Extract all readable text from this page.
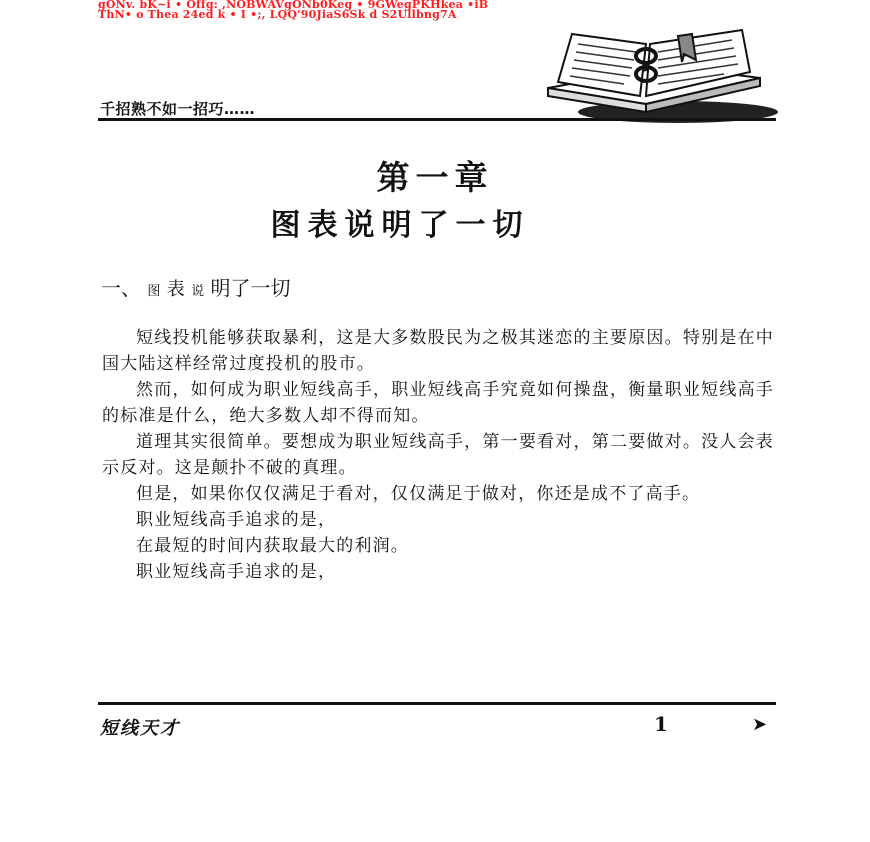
gONv. bK~i • Offg: ,NOBWAVgONb0Keg • 9GWegPKHkea •iB
ThN• o Thea 24ed k • I •;, LQQ'90JiaS6Sk d S2Ullbng7A
千招熟不如一招巧……
第一章
图表说明了一切
一、 图 表 说 明了一切

短线投机能够获取暴利，这是大多数股民为之极其迷恋的主要原因。特别是在中国大陆这样经常过度投机的股市。

然而，如何成为职业短线高手，职业短线高手究竟如何操盘，衡量职业短线高手的标准是什么，绝大多数人却不得而知。

道理其实很简单。要想成为职业短线高手，第一要看对，第二要做对。没人会表示反对。这是颠扑不破的真理。

但是，如果你仅仅满足于看对，仅仅满足于做对，你还是成不了高手。

职业短线高手追求的是，

在最短的时间内获取最大的利润。

职业短线高手追求的是，

短线天才	1	➤
